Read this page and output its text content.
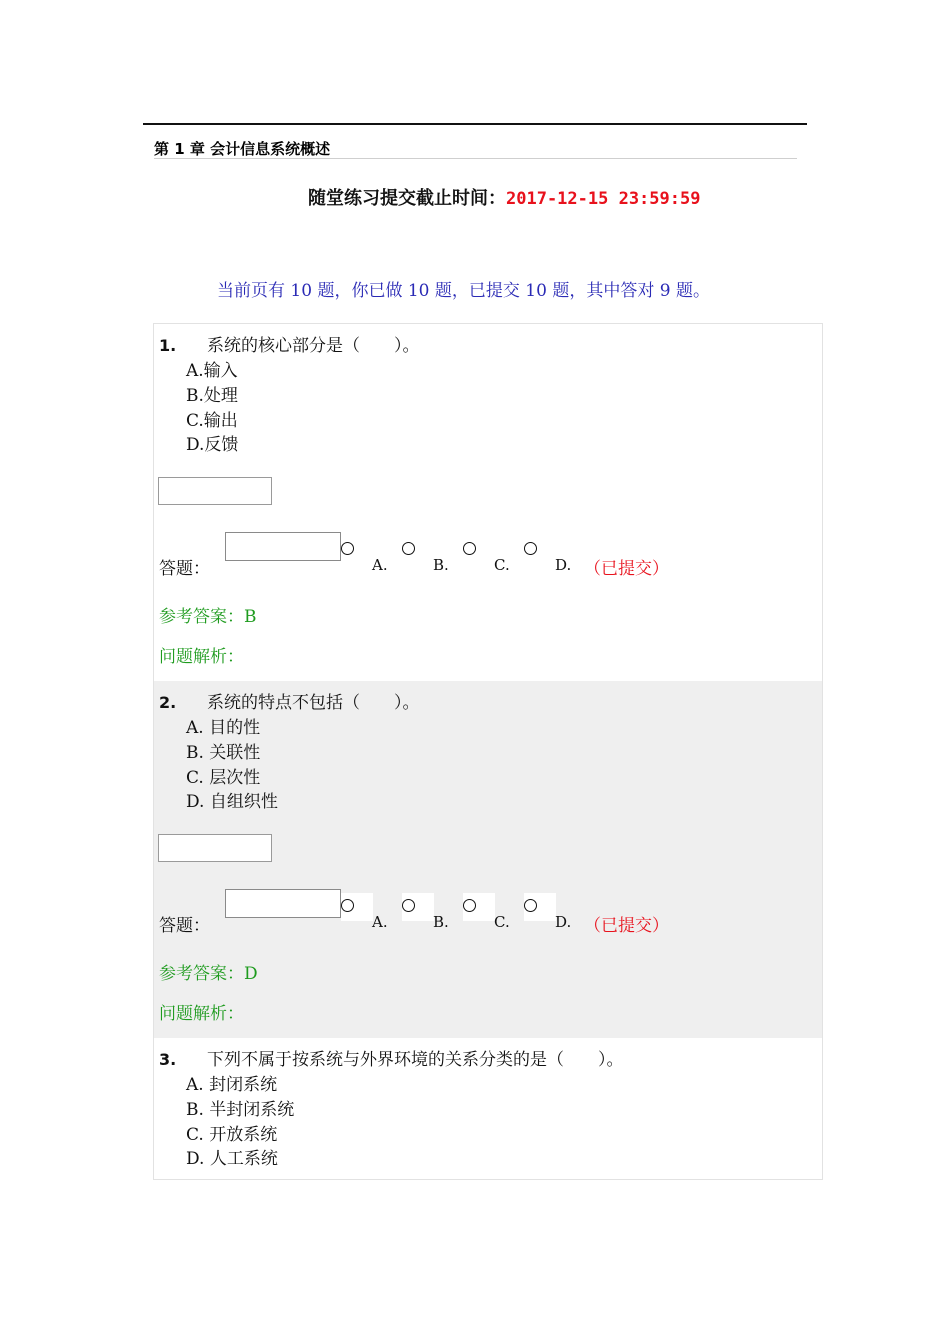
第 1 章 会计信息系统概述
随堂练习提交截止时间：2017-12-15 23:59:59
当前页有 10 题，你已做 10 题，已提交 10 题，其中答对 9 题。
1. 系统的核心部分是（　　）。
A.输入
B.处理
C.输出
D.反馈
答题：	A.	B.	C.	D. （已提交）
参考答案：B
问题解析：
2. 系统的特点不包括（　　）。
A. 目的性
B. 关联性
C. 层次性
D. 自组织性
答题：	A.	B.	C.	D. （已提交）
参考答案：D
问题解析：
3. 下列不属于按系统与外界环境的关系分类的是（　　）。
A. 封闭系统
B. 半封闭系统
C. 开放系统
D. 人工系统
